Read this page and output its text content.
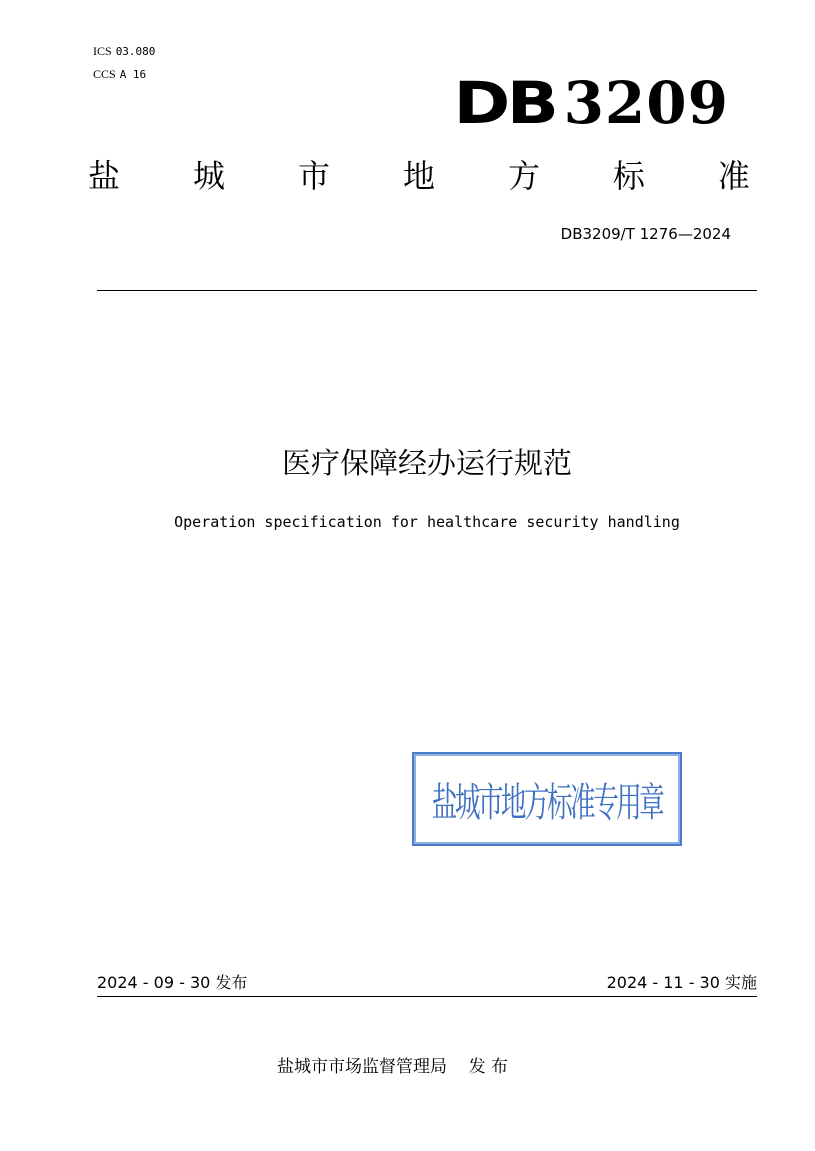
ICS 03.080
CCS A 16	DB 3209
盐 城 市 地 方 标 准
DB3209/T 1276—2024
医疗保障经办运行规范
Operation specification for healthcare security handling
盐城市地方标准专用章
2024 - 09 - 30 发布	2024 - 11 - 30 实施
盐城市市场监督管理局    发 布
